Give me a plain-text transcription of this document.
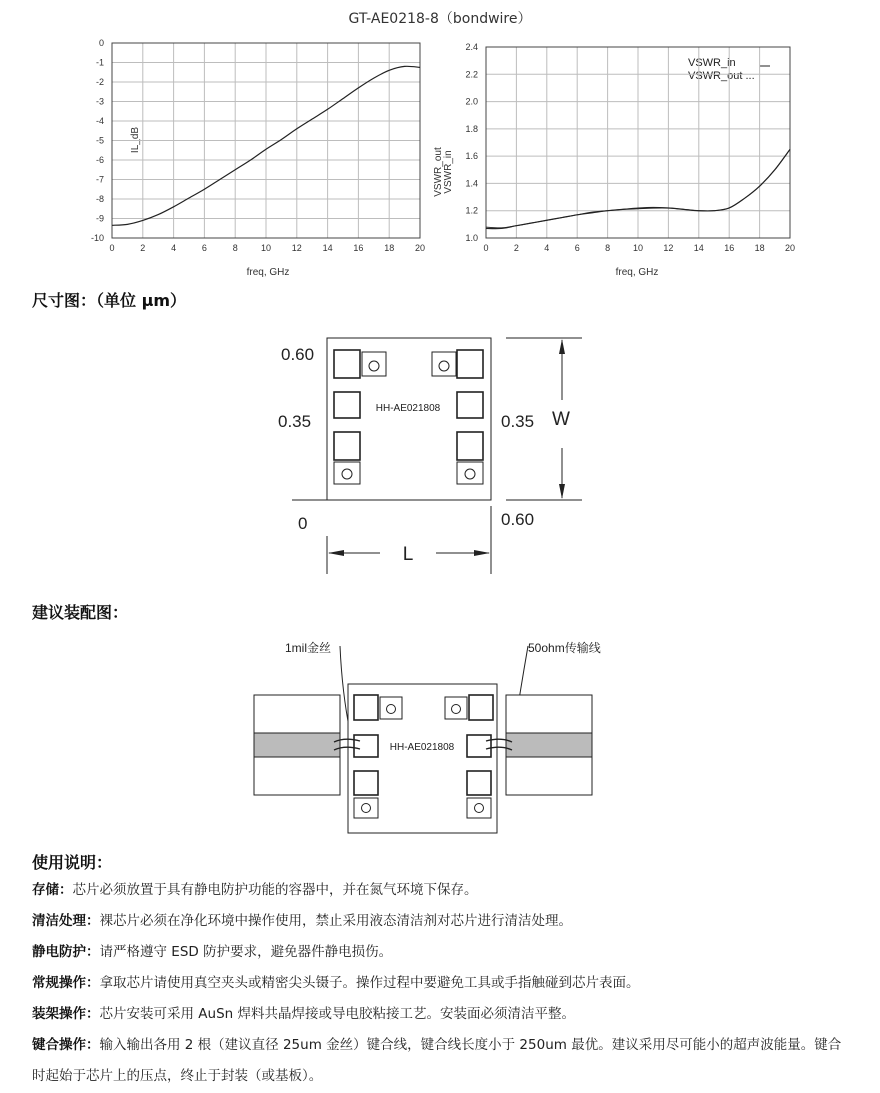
GT-AE0218-8（bondwire）
IL_dB
freq, GHz
0	2	4	6	8	10 12 14 16 18 20
0
-1
-2
-3
-4
-5
-6
-7
-8
-9
-10
VSWR_out VSWR_in
freq, GHz
VSWR_in
VSWR_out ...
0	2	4	6	8	10 12 14 16 18 20
2.4
2.2
2.0
1.8
1.6
1.4
1.2
1.0
尺寸图：（单位 μm）
HH-AE021808
0.60
0.35	0.35 W
0	0.60
L
建议装配图：
1mil金丝	50ohm传输线
HH-AE021808
使用说明：
存储：芯片必须放置于具有静电防护功能的容器中，并在氮气环境下保存。
清洁处理：裸芯片必须在净化环境中操作使用，禁止采用液态清洁剂对芯片进行清洁处理。
静电防护：请严格遵守 ESD 防护要求，避免器件静电损伤。
常规操作：拿取芯片请使用真空夹头或精密尖头镊子。操作过程中要避免工具或手指触碰到芯片表面。
装架操作：芯片安装可采用 AuSn 焊料共晶焊接或导电胶粘接工艺。安装面必须清洁平整。
键合操作：输入输出各用 2 根（建议直径 25um 金丝）键合线，键合线长度小于 250um 最优。建议采用尽可能小的超声波能量。键合时起始于芯片上的压点，终止于封装（或基板）。
